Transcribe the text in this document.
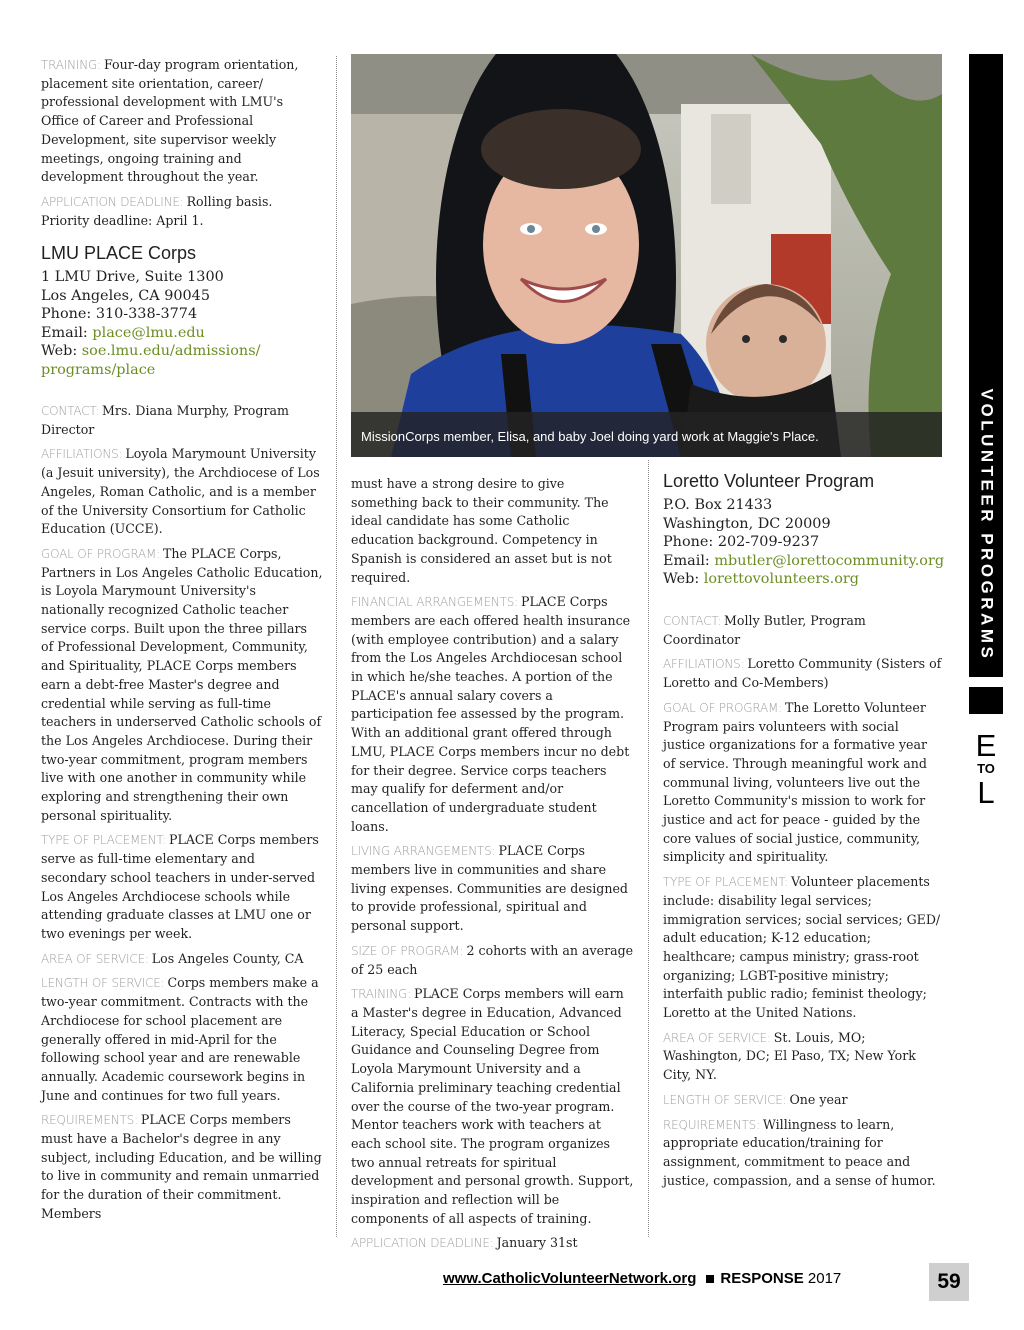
TRAINING: Four-day program orientation, placement site orientation, career/ professional development with LMU's Office of Career and Professional Development, site supervisor weekly meetings, ongoing training and development throughout the year.

APPLICATION DEADLINE: Rolling basis. Priority deadline: April 1.

LMU PLACE Corps
1 LMU Drive, Suite 1300
Los Angeles, CA 90045
Phone: 310-338-3774
Email: place@lmu.edu
Web: soe.lmu.edu/admissions/
programs/place

CONTACT: Mrs. Diana Murphy, Program Director

AFFILIATIONS: Loyola Marymount University (a Jesuit university), the Archdiocese of Los Angeles, Roman Catholic, and is a member of the University Consortium for Catholic Education (UCCE).

GOAL OF PROGRAM: The PLACE Corps, Partners in Los Angeles Catholic Education, is Loyola Marymount University's nationally recognized Catholic teacher service corps. Built upon the three pillars of Professional Development, Community, and Spirituality, PLACE Corps members earn a debt-free Master's degree and credential while serving as full-time teachers in underserved Catholic schools of the Los Angeles Archdiocese. During their two-year commitment, program members live with one another in community while exploring and strengthening their own personal spirituality.

TYPE OF PLACEMENT: PLACE Corps members serve as full-time elementary and secondary school teachers in under-served Los Angeles Archdiocese schools while attending graduate classes at LMU one or two evenings per week.

AREA OF SERVICE: Los Angeles County, CA

LENGTH OF SERVICE: Corps members make a two-year commitment. Contracts with the Archdiocese for school placement are generally offered in mid-April for the following school year and are renewable annually. Academic coursework begins in June and continues for two full years.

REQUIREMENTS: PLACE Corps members must have a Bachelor's degree in any subject, including Education, and be willing to live in community and remain unmarried for the duration of their commitment. Members

MissionCorps member, Elisa, and baby Joel doing yard work at Maggie's Place.

must have a strong desire to give something back to their community. The ideal candidate has some Catholic education background. Competency in Spanish is considered an asset but is not required.

FINANCIAL ARRANGEMENTS: PLACE Corps members are each offered health insurance (with employee contribution) and a salary from the Los Angeles Archdiocesan school in which he/she teaches. A portion of the PLACE's annual salary covers a participation fee assessed by the program. With an additional grant offered through LMU, PLACE Corps members incur no debt for their degree. Service corps teachers may qualify for deferment and/or cancellation of undergraduate student loans.

LIVING ARRANGEMENTS: PLACE Corps members live in communities and share living expenses. Communities are designed to provide professional, spiritual and personal support.

SIZE OF PROGRAM: 2 cohorts with an average of 25 each

TRAINING: PLACE Corps members will earn a Master's degree in Education, Advanced Literacy, Special Education or School Guidance and Counseling Degree from Loyola Marymount University and a California preliminary teaching credential over the course of the two-year program. Mentor teachers work with teachers at each school site. The program organizes two annual retreats for spiritual development and personal growth. Support, inspiration and reflection will be components of all aspects of training.

APPLICATION DEADLINE: January 31st

Loretto Volunteer Program
P.O. Box 21433
Washington, DC 20009
Phone: 202-709-9237
Email: mbutler@lorettocommunity.org
Web: lorettovolunteers.org

CONTACT: Molly Butler, Program Coordinator

AFFILIATIONS: Loretto Community (Sisters of Loretto and Co-Members)

GOAL OF PROGRAM: The Loretto Volunteer Program pairs volunteers with social justice organizations for a formative year of service. Through meaningful work and communal living, volunteers live out the Loretto Community's mission to work for justice and act for peace - guided by the core values of social justice, community, simplicity and spirituality.

TYPE OF PLACEMENT: Volunteer placements include: disability legal services; immigration services; social services; GED/ adult education; K-12 education; healthcare; campus ministry; grass-root organizing; LGBT-positive ministry; interfaith public radio; feminist theology; Loretto at the United Nations.

AREA OF SERVICE: St. Louis, MO; Washington, DC; El Paso, TX; New York City, NY.

LENGTH OF SERVICE: One year

REQUIREMENTS: Willingness to learn, appropriate education/training for assignment, commitment to peace and justice, compassion, and a sense of humor.

VOLUNTEER PROGRAMS
E
TO
L
www.CatholicVolunteerNetwork.org RESPONSE 2017	59
